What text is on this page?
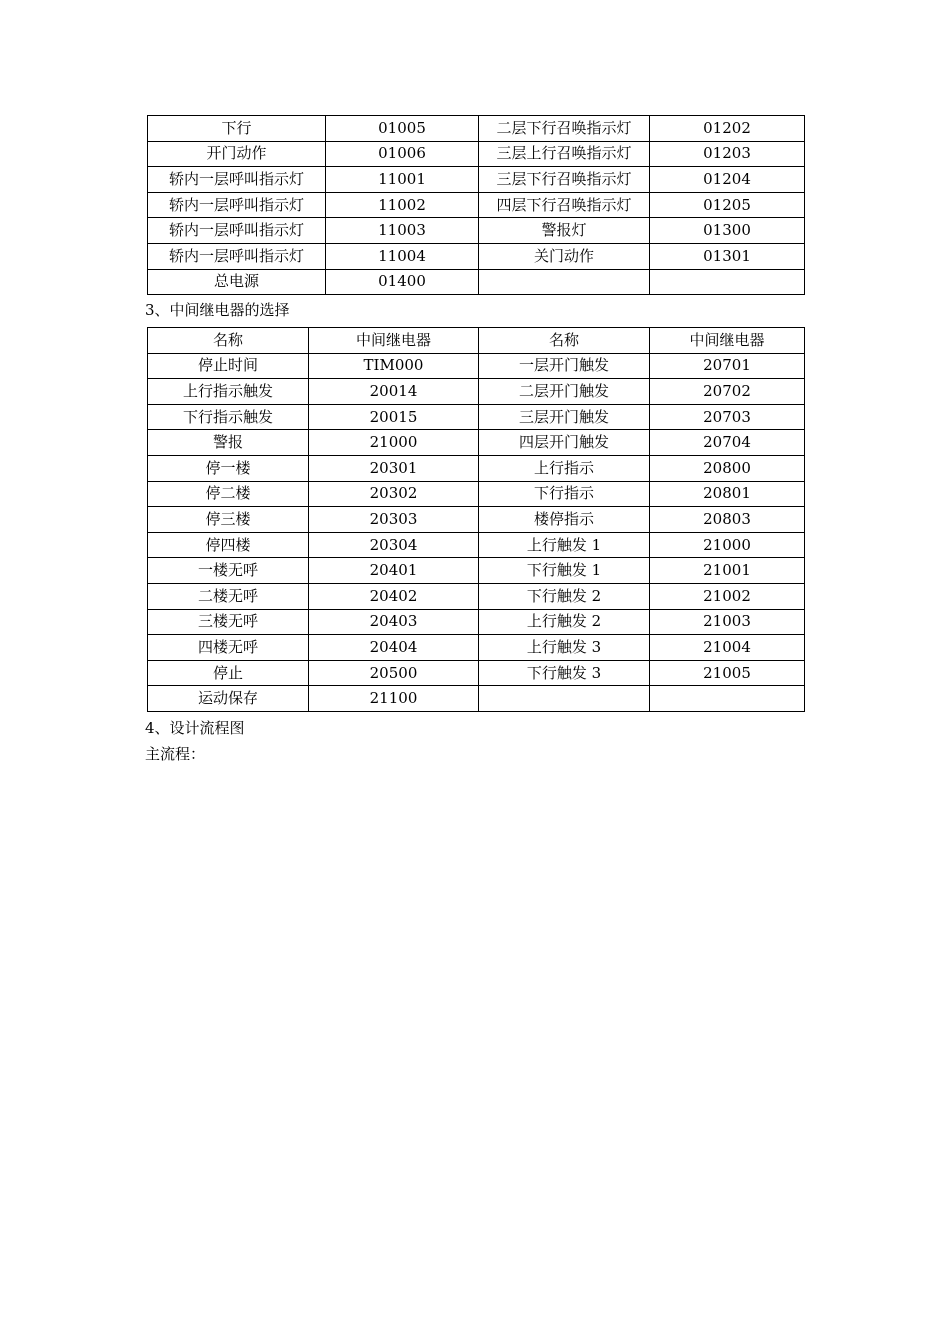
下行	01005	二层下行召唤指示灯	01202
开门动作	01006	三层上行召唤指示灯	01203
轿内一层呼叫指示灯	11001	三层下行召唤指示灯	01204
轿内一层呼叫指示灯	11002	四层下行召唤指示灯	01205
轿内一层呼叫指示灯	11003	警报灯	01300
轿内一层呼叫指示灯	11004	关门动作	01301
总电源	01400		
3、中间继电器的选择
名称	中间继电器	名称	中间继电器
停止时间	TIM000	一层开门触发	20701
上行指示触发	20014	二层开门触发	20702
下行指示触发	20015	三层开门触发	20703
警报	21000	四层开门触发	20704
停一楼	20301	上行指示	20800
停二楼	20302	下行指示	20801
停三楼	20303	楼停指示	20803
停四楼	20304	上行触发 1	21000
一楼无呼	20401	下行触发 1	21001
二楼无呼	20402	下行触发 2	21002
三楼无呼	20403	上行触发 2	21003
四楼无呼	20404	上行触发 3	21004
停止	20500	下行触发 3	21005
运动保存	21100		
4、设计流程图
主流程：
